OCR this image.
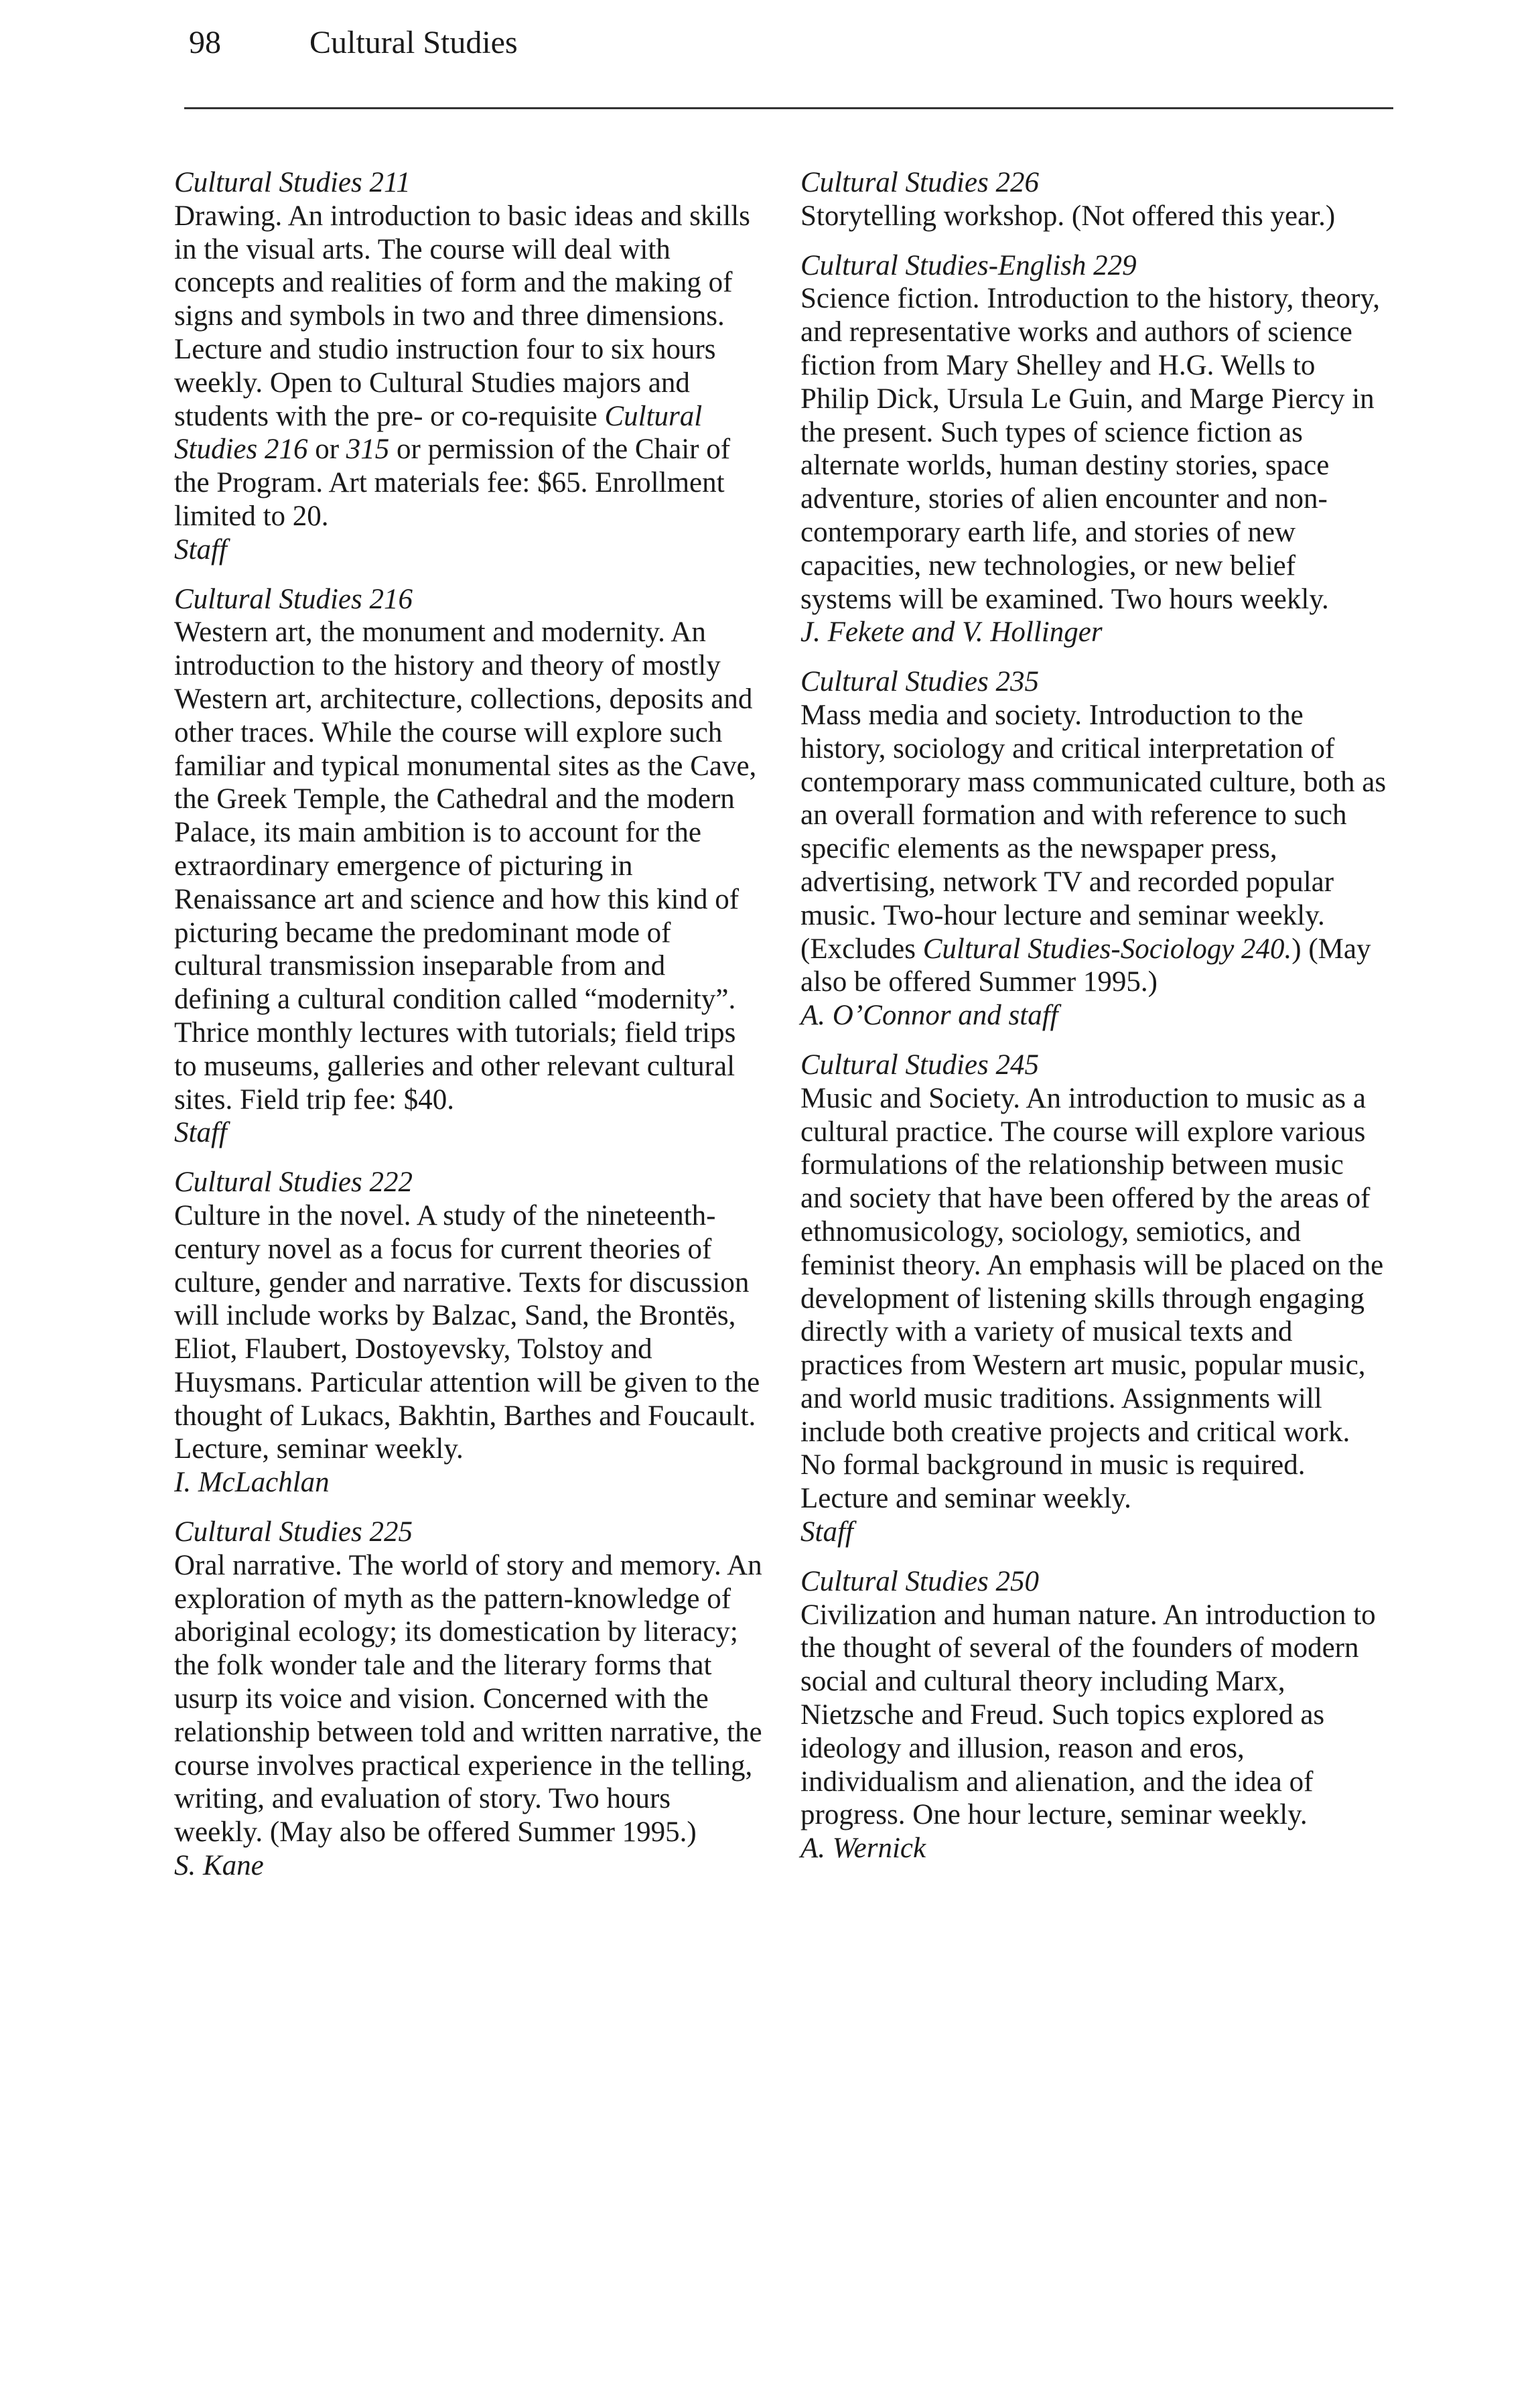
98	Cultural Studies
Cultural Studies 211
Drawing. An introduction to basic ideas and skills in the visual arts. The course will deal with concepts and realities of form and the making of signs and symbols in two and three dimensions. Lecture and studio instruction four to six hours weekly. Open to Cultural Studies majors and students with the pre- or co-requisite Cultural Studies 216 or 315 or permission of the Chair of the Program. Art materials fee: $65. Enrollment limited to 20.
Staff
Cultural Studies 216
Western art, the monument and modernity. An introduction to the history and theory of mostly Western art, architecture, collections, deposits and other traces. While the course will explore such familiar and typical monumental sites as the Cave, the Greek Temple, the Cathedral and the modern Palace, its main ambition is to account for the extraordinary emergence of picturing in Renaissance art and science and how this kind of picturing became the predominant mode of cultural transmission inseparable from and defining a cultural condition called “modernity”. Thrice monthly lectures with tutorials; field trips to museums, galleries and other relevant cultural sites. Field trip fee: $40.
Staff
Cultural Studies 222
Culture in the novel. A study of the nineteenth-century novel as a focus for current theories of culture, gender and narrative. Texts for discussion will include works by Balzac, Sand, the Brontës, Eliot, Flaubert, Dostoyevsky, Tolstoy and Huysmans. Particular attention will be given to the thought of Lukacs, Bakhtin, Barthes and Foucault. Lecture, seminar weekly.
I. McLachlan
Cultural Studies 225
Oral narrative. The world of story and memory. An exploration of myth as the pattern-knowledge of aboriginal ecology; its domestication by literacy; the folk wonder tale and the literary forms that usurp its voice and vision. Concerned with the relationship between told and written narrative, the course involves practical experience in the telling, writing, and evaluation of story. Two hours weekly. (May also be offered Summer 1995.)
S. Kane
Cultural Studies 226
Storytelling workshop. (Not offered this year.)
Cultural Studies-English 229
Science fiction. Introduction to the history, theory, and representative works and authors of science fiction from Mary Shelley and H.G. Wells to Philip Dick, Ursula Le Guin, and Marge Piercy in the present. Such types of science fiction as alternate worlds, human destiny stories, space adventure, stories of alien encounter and non-contemporary earth life, and stories of new capacities, new technologies, or new belief systems will be examined. Two hours weekly.
J. Fekete and V. Hollinger
Cultural Studies 235
Mass media and society. Introduction to the history, sociology and critical interpretation of contemporary mass communicated culture, both as an overall formation and with reference to such specific elements as the newspaper press, advertising, network TV and recorded popular music. Two-hour lecture and seminar weekly. (Excludes Cultural Studies-Sociology 240.) (May also be offered Summer 1995.)
A. O’Connor and staff
Cultural Studies 245
Music and Society. An introduction to music as a cultural practice. The course will explore various formulations of the relationship between music and society that have been offered by the areas of ethnomusicology, sociology, semiotics, and feminist theory. An emphasis will be placed on the development of listening skills through engaging directly with a variety of musical texts and practices from Western art music, popular music, and world music traditions. Assignments will include both creative projects and critical work. No formal background in music is required. Lecture and seminar weekly.
Staff
Cultural Studies 250
Civilization and human nature. An introduction to the thought of several of the founders of modern social and cultural theory including Marx, Nietzsche and Freud. Such topics explored as ideology and illusion, reason and eros, individualism and alienation, and the idea of progress. One hour lecture, seminar weekly.
A. Wernick
